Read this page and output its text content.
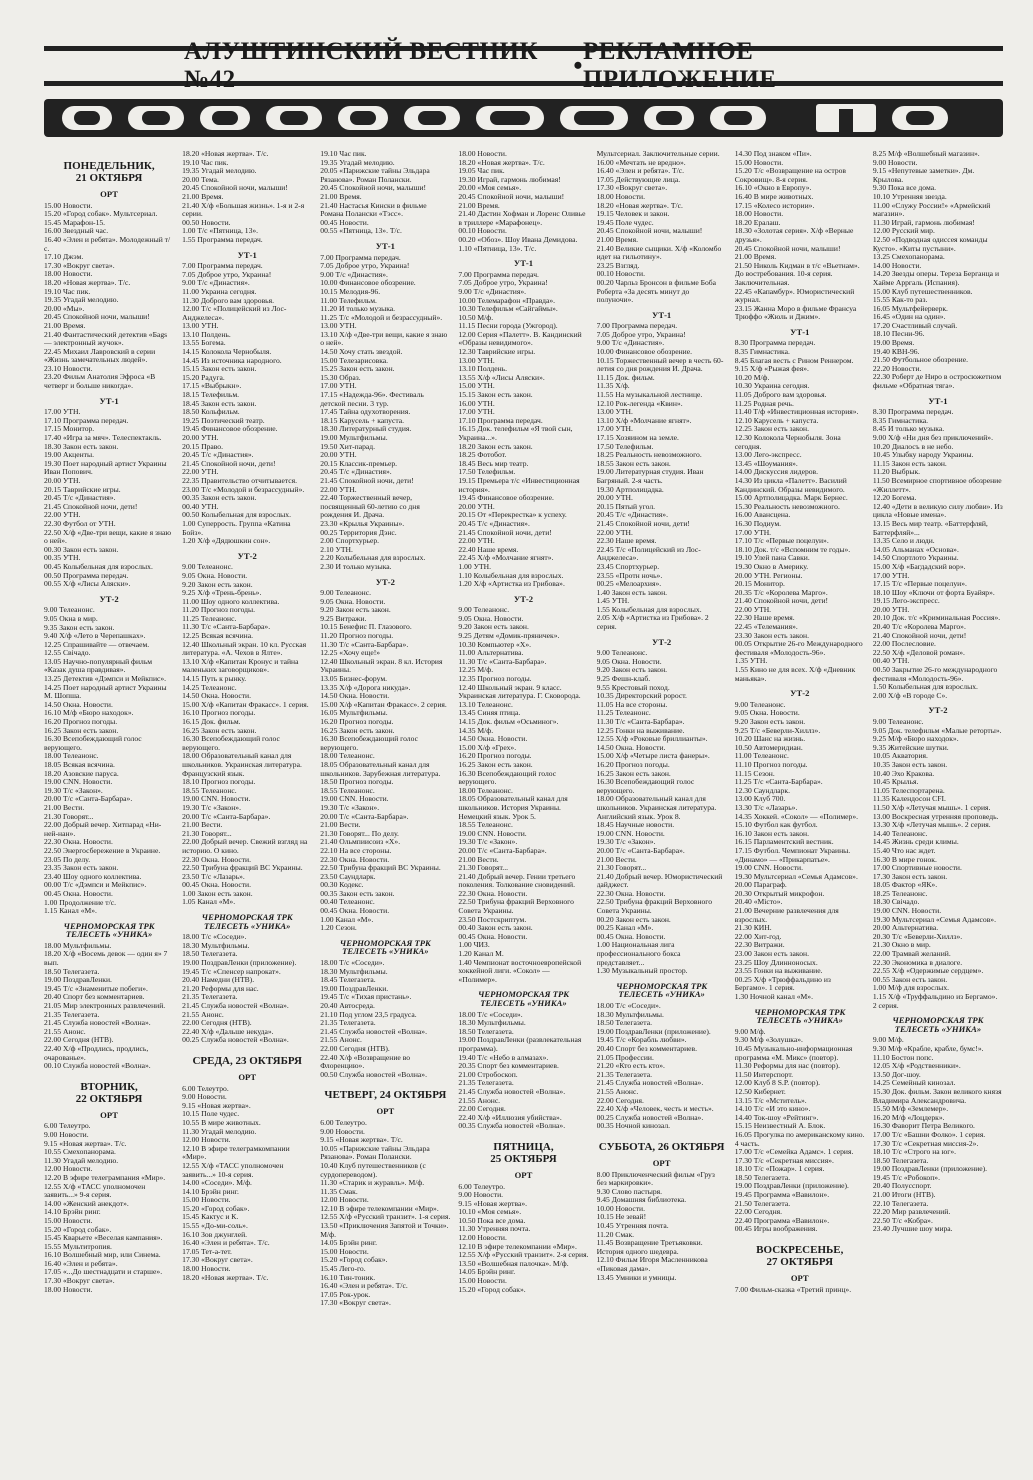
АЛУШТИНСКИЙ ВЕСТНИК №42	• РЕКЛАМНОЕ ПРИЛОЖЕНИЕ
ПОНЕДЕЛЬНИК,
21 ОКТЯБРЯ
ОРТ
15.00 Новости.
15.20 «Город собак». Мультсериал.
15.45 Марафон-15.
16.00 Звездный час.
16.40 «Элен и ребята». Молодежный т/с.
17.10 Джэм.
17.30 «Вокруг света».
18.00 Новости.
18.20 «Новая жертва». Т/с.
19.10 Час пик.
19.35 Угадай мелодию.
20.00 «Мы».
20.45 Спокойной ночи, малыши!
21.00 Время.
21.40 Фантастический детектив «Баgs — электронный жучок».
22.45 Михаил Лавровский в серии «Жизнь замечательных людей».
23.10 Новости.
23.20 Фильм Анатолия Эфроса «В четверг и больше никогда».
УТ-1
17.00 УТН.
17.10 Программа передач.
17.15 Монитор.
17.40 «Игра за мяч». Телеспектакль.
18.30 Закон есть закон.
19.00 Акценты.
19.30 Поет народный артист Украины Иван Попович.
20.00 УТН.
20.15 Таврийские игры.
20.45 Т/с «Династия».
21.45 Спокойной ночи, дети!
22.00 УТН.
22.30 Футбол от УТН.
22.50 Х/ф «Две-три вещи, какие я знаю о ней».
00.30 Закон есть закон.
00.35 УТН.
00.45 Колыбельная для взрослых.
00.50 Программа передач.
00.55 Х/ф «Лисы Аляски».
УТ-2
9.00 Телеанонс.
9.05 Окна в мир.
9.35 Закон есть закон.
9.40 Х/ф «Лето в Черепашках».
12.25 Спрашивайте — отвечаем.
12.55 Свічадо.
13.05 Научно-популярный фильм «Казак душа правдивая».
13.25 Детектив «Дэмпси и Мейкпис».
14.25 Поет народный артист Украины М. Шопша.
14.50 Окна. Новости.
16.10 М/ф «Бюро находок».
16.20 Прогноз погоды.
16.25 Закон есть закон.
16.30 Всепобеждающий голос верующего.
18.00 Телеанонс.
18.05 Всякая всячина.
18.20 Азовские паруса.
19.00 CNN. Новости.
19.30 Т/с «Закон».
20.00 Т/с «Санта-Барбара».
21.00 Вести.
21.30 Говорят...
22.00 Добрый вечер. Хитпарад «Ни-ней-нан».
22.30 Окна. Новости.
22.50 Энергосбережение в Украине.
23.05 По делу.
23.35 Закон есть закон.
23.40 Шоу одного коллектива.
00.00 Т/с «Дэмпси и Мейкпис».
00.45 Окна. Новости.
1.00 Продолжение т/с.
1.15 Канал «М».
ЧЕРНОМОРСКАЯ ТРК ТЕЛЕСЕТЬ «УНИКА»
18.00 Мультфильмы.
18.20 Х/ф «Восемь девок — один я» 7 вып.
18.50 Телегазета.
19.00 ПоздравЛенки.
19.45 Т/с «Знаменитые побеги».
20.40 Спорт без комментариев.
21.05 Мир электронных развлечений.
21.35 Телегазета.
21.45 Служба новостей «Волна».
21.55 Анонс.
22.00 Сегодня (НТВ).
22.40 Х/ф «Продлись, продлись, очарованье».
00.10 Служба новостей «Волна».
ВТОРНИК,
22 ОКТЯБРЯ
ОРТ
6.00 Телеутро.
9.00 Новости.
9.15 «Новая жертва». Т/с.
10.55 Смехопанорама.
11.30 Угадай мелодию.
12.00 Новости.
12.20 В эфире телегрампания «Мир».
12.55 Х/ф «ТАСС уполномочен заявить...» 9-я серия.
14.00 «Женский анекдот».
14.10 Брэйн ринг.
15.00 Новости.
15.20 «Город собак».
15.45 Кварьете «Веселая кампания».
15.55 Мультитропия.
16.10 Волшебный мир, или Синема.
16.40 «Элен и ребята».
17.05 «...До шестнадцати и старше».
17.30 «Вокруг света».
18.00 Новости.
18.20 «Новая жертва». Т/с.
19.10 Час пик.
19.35 Угадай мелодию.
20.00 Тема.
20.45 Спокойной ночи, малыши!
21.00 Время.
21.40 Х/ф «Большая жизнь». 1-я и 2-я серии.
00.50 Новости.
1.00 Т/с «Пятница, 13».
1.55 Программа передач.
УТ-1
7.00 Программа передач.
7.05 Доброе утро, Украина!
9.00 Т/с «Династия».
11.00 Украина сегодня.
11.30 Доброго вам здоровья.
12.00 Т/с «Полицейский из Лос-Анджелеса».
13.00 УТН.
13.10 Полдень.
13.55 Богема.
14.15 Колокола Чернобыля.
14.45 Из источника народного.
15.15 Закон есть закон.
15.20 Радуга.
17.15 «Выбрыкн».
18.15 Телефильм.
18.45 Закон есть закон.
18.50 Кольфильм.
19.25 Поэтический театр.
19.45 Финансовое обозрение.
20.00 УТН.
20.15 Право.
20.45 Т/с «Династия».
21.45 Спокойной ночи, дети!
22.00 УТН.
22.35 Правительство отчитывается.
23.00 Т/с «Молодой и безрассудный».
00.35 Закон есть закон.
00.40 УТН.
00.50 Колыбельная для взрослых.
1.00 Суперрость. Группа «Катина Бойз».
1.20 Х/ф «Дядюшкин сон».
УТ-2
9.00 Телеанонс.
9.05 Окна. Новости.
9.20 Закон есть закон.
9.25 Х/ф «Трень-брень».
11.00 Шоу одного коллектива.
11.20 Прогноз погоды.
11.25 Телеанонс.
11.30 Т/с «Санта-Барбара».
12.25 Всякая всячина.
12.40 Школьный экран. 10 кл. Русская литература. «А. Чехов в Ялте».
13.10 Х/ф «Капитан Кронус и тайна маленьких заговорщиков».
14.15 Путь к рынку.
14.25 Телеанонс.
14.50 Окна. Новости.
15.00 Х/ф «Капитан Фракасс». 1 серия.
16.10 Прогноз погоды.
16.15 Док. фильм.
16.25 Закон есть закон.
16.30 Всепобеждающий голос верующего.
18.00 Образовательный канал для школьников. Украинская литература. Французский язык.
18.10 Прогноз погоды.
18.55 Телеанонс.
19.00 CNN. Новости.
19.30 Т/с «Закон».
20.00 Т/с «Санта-Барбара».
21.00 Вести.
21.30 Говорят...
22.00 Добрый вечер. Свежий взгляд на историю. О кино.
22.30 Окна. Новости.
22.50 Трибуна фракций ВС Украины.
23.50 Т/с «Лазарь».
00.45 Окна. Новости.
1.00 Закон есть закон.
1.05 Канал «М».
ЧЕРНОМОРСКАЯ ТРК ТЕЛЕСЕТЬ «УНИКА»
18.00 Т/с «Соседи».
18.30 Мультфильмы.
18.50 Телегазета.
19.00 ПоздравЛенки (приложение).
19.45 Т/с «Спенсер напрокат».
20.40 Намедни (НТВ).
21.20 Реформы для нас.
21.35 Телегазета.
21.45 Служба новостей «Волна».
21.55 Анонс.
22.00 Сегодня (НТВ).
22.40 Х/ф «Дальше некуда».
00.25 Служба новостей «Волна».
СРЕДА, 23 ОКТЯБРЯ
ОРТ
6.00 Телеутро.
9.00 Новости.
9.15 «Новая жертва».
10.15 Поле чудес.
10.55 В мире животных.
11.30 Угадай мелодию.
12.00 Новости.
12.10 В эфире телеграмкомпании «Мир».
12.55 Х/ф «ТАСС уполномочен заявить...» 10-я серия.
14.00 «Соседи». М/ф.
14.10 Брэйн ринг.
15.00 Новости.
15.20 «Город собак».
15.45 Кактус и К.
15.55 «До-ми-соль».
16.10 Зов джунглей.
16.40 «Элен и ребята». Т/с.
17.05 Тет-а-тет.
17.30 «Вокруг света».
18.00 Новости.
18.20 «Новая жертва». Т/с.
19.10 Час пик.
19.35 Угадай мелодию.
20.05 «Парижские тайны Эльдара Рязанова». Роман Полански.
20.45 Спокойной ночи, малыши!
21.00 Время.
21.40 Настасья Кински в фильме Романа Полански «Тэсс».
00.45 Новости.
00.55 «Пятница, 13». Т/с.
УТ-1
7.00 Программа передач.
7.05 Доброе утро, Украина!
9.00 Т/с «Династия».
10.00 Финансовое обозрение.
10.15 Мелодия-96.
11.00 Телефильм.
11.20 И только музыка.
11.25 Т/с «Молодой и безрассудный».
13.00 УТН.
13.10 Х/ф «Две-три вещи, какие я знаю о ней».
14.50 Хочу стать звездой.
15.00 Телезарисовка.
15.25 Закон есть закон.
15.30 Образ.
17.00 УТН.
17.15 «Надежда-96». Фестиваль детской песни. 3 тур.
17.45 Тайна одухотворения.
18.15 Карусель + капуста.
18.30 Литературный студия.
19.00 Мультфильмы.
19.50 Хит-парад.
20.00 УТН.
20.15 Классик-премьер.
20.45 Т/с «Династия».
21.45 Спокойной ночи, дети!
22.00 УТН.
22.40 Торжественный вечер, посвященный 60-летию со дня рождения И. Драча.
23.30 «Крылья Украины».
00.25 Территория Дэнс.
2.00 Спортхурьер.
2.10 УТН.
2.20 Колыбельная для взрослых.
2.30 И только музыка.
УТ-2
9.00 Телеанонс.
9.05 Окна. Новости.
9.20 Закон есть закон.
9.25 Витражи.
10.15 Бенефис П. Глазового.
11.20 Прогноз погоды.
11.30 Т/с «Санта-Барбара».
12.25 «Хочу еще!»
12.40 Школьный экран. 8 кл. История Украины.
13.05 Бизнес-форум.
13.35 Х/ф «Дорога никуда».
14.50 Окна. Новости.
15.00 Х/ф «Капитан Фракасс». 2 серия.
16.05 Мультфильмы.
16.20 Прогноз погоды.
16.25 Закон есть закон.
16.30 Всепобеждающий голос верующего.
18.00 Телеанонс.
18.05 Образовательный канал для школьников. Зарубежная литература.
18.50 Прогноз погоды.
18.55 Телеанонс.
19.00 CNN. Новости.
19.30 Т/с «Закон».
20.00 Т/с «Санта-Барбара».
21.00 Вести.
21.30 Говорят... По делу.
21.40 Ольмпиисоиз «Х».
22.10 На все стороны.
22.30 Окна. Новости.
22.50 Трибуна фракций ВС Украины.
23.50 Саундларк.
00.30 Кодекс.
00.35 Закон есть закон.
00.40 Телеанонс.
00.45 Окна. Новости.
1.00 Канал «М».
1.20 Сезон.
ЧЕРНОМОРСКАЯ ТРК ТЕЛЕСЕТЬ «УНИКА»
18.00 Т/с «Соседи».
18.30 Мультфильмы.
18.45 Телегазета.
19.00 ПоздравЛенки.
19.45 Т/с «Тихая пристань».
20.40 Автосреда.
21.10 Под углом 23,5 градуса.
21.35 Телегазета.
21.45 Служба новостей «Волна».
21.55 Анонс.
22.00 Сегодня (НТВ).
22.40 Х/ф «Возвращение во Флоренцию».
00.50 Служба новостей «Волна».
ЧЕТВЕРГ, 24 ОКТЯБРЯ
ОРТ
6.00 Телеутро.
9.00 Новости.
9.15 «Новая жертва». Т/с.
10.05 «Парижские тайны Эльдара Рязанова». Роман Полански.
10.40 Клуб путешественников (с сурдопереводом).
11.30 «Старик и журавль». М/ф.
11.35 Смак.
12.00 Новости.
12.10 В эфире телекомпании «Мир».
12.55 Х/ф «Русский транзит». 1-я серия.
13.50 «Приключения Запятой и Точки». М/ф.
14.05 Брэйн ринг.
15.00 Новости.
15.20 «Город собак».
15.45 Лего-го.
16.10 Тин-тоник.
16.40 «Элен и ребята». Т/с.
17.05 Рок-урок.
17.30 «Вокруг света».
18.00 Новости.
18.20 «Новая жертва». Т/с.
19.05 Час пик.
19.30 Играй, гармонь любимая!
20.00 «Моя семья».
20.45 Спокойной ночи, малыши!
21.00 Время.
21.40 Дастин Хофман и Лоренс Оливье в триллере «Марафонец».
00.10 Новости.
00.20 «Обоз». Шоу Ивана Демидова.
1.10 «Пятница, 13». Т/с.
УТ-1
7.00 Программа передач.
7.05 Доброе утро, Украина!
9.00 Т/с «Династия».
10.00 Телемарафон «Правда».
10.30 Телефильм «Сайгаймы».
10.50 М/ф.
11.15 Песни города (Ужгород).
12.00 Серия «Палетт». В. Кандинский «Образы невидимого».
12.30 Таврийские игры.
13.00 УТН.
13.10 Полдень.
13.55 Х/ф «Лисы Аляски».
15.00 УТН.
15.15 Закон есть закон.
16.00 УТН.
17.00 УТН.
17.10 Программа передач.
16.15 Док. телефильм «Я твой сын, Украина...».
18.20 Закон есть закон.
18.25 Фотобот.
18.45 Весь мир театр.
17.50 Телефильм.
19.15 Премьера т/с «Инвестиционная история».
19.45 Финансовое обозрение.
20.00 УТН.
20.15 От «Перекрестка» к успеху.
20.45 Т/с «Династия».
21.45 Спокойной ночи, дети!
22.00 УТН.
22.40 Наше время.
22.45 Х/ф «Молчание ягнят».
1.00 УТН.
1.10 Колыбельная для взрослых.
1.20 Х/ф «Артистка из Грибова».
УТ-2
9.00 Телеанонс.
9.05 Окна. Новости.
9.20 Закон есть закон.
9.25 Детям «Домик-пряничек».
10.30 Компьютер «Х».
11.00 Альтернатива.
11.30 Т/с «Санта-Барбара».
12.25 М/ф.
12.35 Прогноз погоды.
12.40 Школьный экран. 9 класс. Украинская литература. Г. Сковорода.
13.10 Телеанонс.
13.45 Синяя птица.
14.15 Док. фильм «Осьминог».
14.35 М/ф.
14.50 Окна. Новости.
15.00 Х/ф «Грех».
16.20 Прогноз погоды.
16.25 Закон есть закон.
16.30 Всепобеждающий голос верующего.
18.00 Телеанонс.
18.05 Образовательный канал для школьников. История Украины. Немецкий язык. Урок 5.
18.55 Телеанонс.
19.00 CNN. Новости.
19.30 Т/с «Закон».
20.00 Т/с «Санта-Барбара».
21.00 Вести.
21.30 Говорят...
21.40 Добрый вечер. Гении третьего поколения. Толкование сновидений.
22.30 Окна. Новости.
22.50 Трибуна фракций Верховного Совета Украины.
23.50 Постскриптум.
00.40 Закон есть закон.
00.45 Окна. Новости.
1.00 ЧИЗ.
1.20 Канал М.
1.40 Чемпионат восточноевропейской хоккейной лиги. «Сокол» — «Полимер».
ЧЕРНОМОРСКАЯ ТРК ТЕЛЕСЕТЬ «УНИКА»
18.00 Т/с «Соседи».
18.30 Мультфильмы.
18.50 Телегазета.
19.00 ПоздравЛенки (развлекательная программа).
19.40 Т/с «Небо в алмазах».
20.35 Спорт без комментариев.
21.00 Стробоскоп.
21.35 Телегазета.
21.45 Служба новостей «Волна».
21.55 Анонс.
22.00 Сегодня.
22.40 Х/ф «Иллюзия убийства».
00.35 Служба новостей «Волна».
ПЯТНИЦА,
25 ОКТЯБРЯ
ОРТ
6.00 Телеутро.
9.00 Новости.
9.15 «Новая жертва».
10.10 «Моя семья».
10.50 Пока все дома.
11.30 Утренняя почта.
12.00 Новости.
12.10 В эфире телекомпании «Мир».
12.55 Х/ф «Русский транзит». 2-я серия.
13.50 «Волшебная палочка». М/ф.
14.05 Брэйн ринг.
15.00 Новости.
15.20 «Город собак».
Мультсериал. Заключительные серии.
16.00 «Мечтать не вредно».
16.40 «Элен и ребята». Т/с.
17.05 Действующие лица.
17.30 «Вокруг света».
18.00 Новости.
18.20 «Новая жертва». Т/с.
19.15 Человек и закон.
19.45 Поле чудес.
20.45 Спокойной ночи, малыши!
21.00 Время.
21.40 Великие сыщики. Х/ф «Коломбо идет на гильотину».
23.25 Взгляд.
00.10 Новости.
00.20 Чарльз Бронсон в фильме Боба Роберта «За десять минут до полуночи».
УТ-1
7.00 Программа передач.
7.05 Доброе утро, Украина!
9.00 Т/с «Династия».
10.00 Финансовое обозрение.
10.15 Торжественный вечер в честь 60-летия со дня рождения И. Драча.
11.15 Док. фильм.
11.35 Х/ф.
11.55 На музыкальной лестнице.
12.10 Рок-легенда «Квин».
13.00 УТН.
13.10 Х/ф «Молчание ягнят».
17.00 УТН.
17.15 Хозяином на земле.
17.50 Телефильм.
18.25 Реальность невозможного.
18.55 Закон есть закон.
19.00 Литературная студия. Иван Багряный. 2-я часть.
19.30 Артполицадка.
20.00 УТН.
20.15 Пятый угол.
20.45 Т/с «Династия».
21.45 Спокойной ночи, дети!
22.00 УТН.
22.30 Наше время.
22.45 Т/с «Полицейский из Лос-Анджелеса».
23.45 Спортхурьер.
23.55 «Протн ночь».
00.25 «Мелоархия».
1.40 Закон есть закон.
1.45 УТН.
1.55 Колыбельная для взрослых.
2.05 Х/ф «Артистка из Грибова». 2 серия.
УТ-2
9.00 Телеанонс.
9.05 Окна. Новости.
9.20 Закон есть закон.
9.25 Фешн-клаб.
9.55 Крестовый поход.
10.35 Директорский ророст.
11.05 На все стороны.
11.25 Телеанонс.
11.30 Т/с «Санта-Барбара».
12.25 Гонки на выживание.
12.55 Х/ф «Роковые бриллианты».
14.50 Окна. Новости.
15.00 Х/ф «Четыре листа фанеры».
16.20 Прогноз погоды.
16.25 Закон есть закон.
16.30 Всепобеждающий голос верующего.
18.00 Образовательный канал для школьников. Украинская литература. Английский язык. Урок 8.
18.45 Научные новости.
19.00 CNN. Новости.
19.30 Т/с «Закон».
20.00 Т/с «Санта-Барбара».
21.00 Вести.
21.30 Говорят...
21.40 Добрый вечер. Юмористический дайджест.
22.30 Окна. Новости.
22.50 Трибуна фракций Верховного Совета Украины.
00.20 Закон есть закон.
00.25 Канал «М».
00.45 Окна. Новости.
1.00 Национальная лига профессионального бокса представляет...
1.30 Музыкальный простор.
ЧЕРНОМОРСКАЯ ТРК ТЕЛЕСЕТЬ «УНИКА»
18.00 Т/с «Соседи».
18.30 Мультфильмы.
18.50 Телегазета.
19.00 ПоздравЛенки (приложение).
19.45 Т/с «Корабль любви».
20.40 Спорт без комментариев.
21.05 Профессии.
21.20 «Кто есть кто».
21.35 Телегазета.
21.45 Служба новостей «Волна».
21.55 Анонс.
22.00 Сегодня.
22.40 Х/ф «Человек, честь и месть».
00.25 Служба новостей «Волна».
00.35 Ночной кинозал.
СУББОТА, 26 ОКТЯБРЯ
ОРТ
8.00 Приключенческий фильм «Груз без маркировки».
9.30 Слово пастыря.
9.45 Домашняя библиотека.
10.00 Новости.
10.15 Не зевай!
10.45 Утренняя почта.
11.20 Смак.
11.45 Возвращение Третьяковки. История одного шедевра.
12.10 Фильм Игоря Масленникова «Пиковая дама».
13.45 Умники и умницы.
14.30 Под знаком «Пи».
15.00 Новости.
15.20 Т/с «Возвращение на остров Сокровищ». 8-я серия.
16.10 «Окно в Европу».
16.40 В мире животных.
17.15 «Колесо истории».
18.00 Новости.
18.20 Ералаш.
18.30 «Золотая серия». Х/ф «Верные друзья».
20.45 Спокойной ночи, малыши!
21.00 Время.
21.50 Николь Кидман в т/с «Вьетнам». До востребования. 10-я серия. Заключительная.
22.45 «Капамбур». Юмористический журнал.
23.15 Жанна Моро в фильме Франсуа Трюффо «Жюль и Джим».
УТ-1
8.30 Программа передач.
8.35 Гимнастика.
8.45 Благая весть с Рином Реннером.
9.15 Х/ф «Рыжая фея».
10.20 М/ф.
10.30 Украина сегодня.
11.05 Доброго вам здоровья.
11.25 Родная речь.
11.40 Т/ф «Инвестиционная история».
12.10 Карусель + капуста.
12.25 Закон есть закон.
12.30 Колокола Чернобыля. Зона сегодня.
13.00 Лего-экспресс.
13.45 «Шоумания».
14.00 Дискуссия лидеров.
14.30 Из цикла «Палетт». Василий Кандинский. Образы невидимого.
15.00 Артполицадка. Марк Бернес.
15.30 Реальность невозможного.
16.00 Авансцена.
16.30 Подиум.
17.00 УТН.
17.10 Т/с «Первые поцелуи».
18.10 Док. т/с «Вспомним те годы».
19.10 Улей пана Савки.
19.30 Окно в Америку.
20.00 УТН. Регионы.
20.15 Монитор.
20.35 Т/с «Королева Марго».
21.40 Спокойной ночи, дети!
22.00 УТН.
22.30 Наше время.
22.45 «Телемания».
23.30 Закон есть закон.
00.05 Открытие 26-го Международного фестиваля «Молодость-96».
1.35 УТН.
1.55 Кино не для всех. Х/ф «Дневник маньяка».
УТ-2
9.00 Телеанонс.
9.05 Окна. Новости.
9.20 Закон есть закон.
9.25 Т/с «Беверли-Хиллз».
10.20 Шанс на жизнь.
10.50 Автомеридиан.
11.00 Телеанонс.
11.10 Прогноз погоды.
11.15 Сезон.
11.25 Т/с «Санта-Барбара».
12.30 Саундларк.
13.00 Клуб 700.
13.30 Т/с «Лазарь».
14.35 Хоккей. «Сокол» — «Полимер».
15.10 Футбол как футбол.
16.10 Закон есть закон.
16.15 Парламентский вестник.
17.15 Футбол. Чемпионат Украины. «Динамо» — «Прикарпатье».
19.00 CNN. Новости.
19.30 Мультсериал «Семья Адамсов».
20.00 Параграф.
20.30 Открытый микрофон.
20.40 «Місто».
21.00 Вечерние развлечения для взрослых.
21.30 КИН.
22.00 Хит-год.
22.30 Витражи.
23.00 Закон есть закон.
23.25 Шоу Длинноносых.
23.55 Гонки на выживание.
00.25 Х/ф «Трюффальдино из Бергамо». 1 серия.
1.30 Ночной канал «М».
ЧЕРНОМОРСКАЯ ТРК ТЕЛЕСЕТЬ «УНИКА»
9.00 М/ф.
9.30 М/ф «Золушка».
10.45 Музыкально-информационная программа «М. Микс» (повтор).
11.30 Реформы для нас (повтор).
11.50 Интерспорт.
12.00 Клуб 8 S.P. (повтор).
12.50 Кибернет.
13.15 Т/с «Мститель».
14.10 Т/с «И это кино».
14.40 Ток-шоу «Рейтинг».
15.15 Неизвестный А. Блок.
16.05 Прогулка по американскому кино. 4 часть.
17.00 Т/с «Семейка Адамс». 1 серия.
17.30 Т/с «Секретная миссия».
18.10 Т/с «Пожар». 1 серия.
18.50 Телегазета.
19.00 ПоздравЛенки (приложение).
19.45 Программа «Вавилон».
21.50 Телегазета.
22.00 Сегодня.
22.40 Программа «Вавилон».
00.45 Игры воображения.
ВОСКРЕСЕНЬЕ,
27 ОКТЯБРЯ
ОРТ
7.00 Фильм-сказка «Третий принц».
8.25 М/ф «Волшебный магазин».
9.00 Новости.
9.15 «Непутевые заметки». Дм. Крылова.
9.30 Пока все дома.
10.10 Утренняя звезда.
11.00 «Служу России!» «Армейский магазин».
11.30 Играй, гармонь любимая!
12.00 Русский мир.
12.50 «Подводная одиссея команды Кусто». «Киты пустыни».
13.25 Смехопанорама.
14.00 Новости.
14.20 Звезды оперы. Тереза Берганца и Хайме Арргаль (Испания).
15.00 Клуб путешественников.
15.55 Как-то раз.
16.05 Мультфейерверк.
16.45 «Один на один».
17.20 Счастливый случай.
18.10 Песни-96.
19.00 Время.
19.40 КВН-96.
21.50 Футбольное обозрение.
22.20 Новости.
22.30 Роберт де Ниро в остросюжетном фильме «Обратная тяга».
УТ-1
8.30 Программа передач.
8.35 Гимнастика.
8.45 И только музыка.
9.00 Х/ф «Ни дня без приключений».
10.20 Диалосъ в не небо.
10.45 Улыбку народу Украины.
11.15 Закон есть закон.
11.20 Выбрык.
11.50 Всемирное спортивное обозрение «Жиллетт».
12.20 Богема.
12.40 «Дети в великую силу любви». Из цикла «Новые имена».
13.15 Весь мир театр. «Баттерфляй, Баттерфляй»...
13.35 Село и люди.
14.05 Альманах «Основа».
14.50 Спортлото Украины.
15.00 Х/ф «Багдадский вор».
17.00 УТН.
17.15 Т/с «Первые поцелуи».
18.10 Шоу «Ключи от форта Буайяр».
19.15 Лего-экспресс.
20.00 УТН.
20.10 Док. т/с «Криминальная Россия».
20.40 Т/с «Королева Марго».
21.40 Спокойной ночи, дети!
22.00 Послесловие.
22.50 Х/ф «Деловой роман».
00.40 УТН.
00.50 Закрытие 26-го международного фестиваля «Молодость-96».
1.50 Колыбельная для взрослых.
2.00 Х/ф «В городе С».
УТ-2
9.00 Телеанонс.
9.05 Док. телефильм «Малые реторты».
9.25 М/ф «Бюро находок».
9.35 Житейские шутки.
10.05 Акватория.
10.35 Закон есть закон.
10.40 Эхо Кракова.
10.45 Крылья.
11.05 Телеспортарена.
11.35 Календосон CFI.
11.50 Х/ф «Летучая мышь». 1 серия.
13.00 Воскресная утренняя проповедь.
13.30 Х/ф «Летучая мышь». 2 серия.
14.40 Телеанонс.
14.45 Жизнь среди климы.
15.40 Что нас ждет.
16.30 В мире гонок.
17.00 Спортивные новости.
17.30 Закон есть закон.
18.05 Фактор «ЯК».
18.25 Телеанонс.
18.30 Свічадо.
19.00 CNN. Новости.
19.30 Мультсериал «Семья Адамсов».
20.00 Альтернатива.
20.30 Т/с «Беверли-Хиллз».
21.30 Окно в мир.
22.00 Трамвай желаний.
22.30 Экономика в диалоге.
22.55 Х/ф «Одержимые сердцем».
00.55 Закон есть закон.
1.00 М/ф для взрослых.
1.15 Х/ф «Труффальдино из Бергамо». 2 серия.
ЧЕРНОМОРСКАЯ ТРК ТЕЛЕСЕТЬ «УНИКА»
9.00 М/ф.
9.30 М/ф «Крабле, крабле, бумс!».
11.10 Бостон попс.
12.05 Х/ф «Родственники».
13.50 Дог-шоу.
14.25 Семейный кинозал.
15.30 Док. фильм. Закон великого князя Владимира Александровича.
15.50 М/ф «Землемер».
16.20 М/ф «Лоцдерк».
16.30 Фаворит Петра Великого.
17.00 Т/с «Башни Фолко». 1 серия.
17.30 Т/с «Секретная миссия-2».
18.10 Т/с «Строго на юг».
18.50 Телегазета.
19.00 ПоздравЛенки (приложение).
19.45 Т/с «Робокоп».
20.40 Полусспорт.
21.00 Итоги (НТВ).
22.10 Телегазета.
22.20 Мир развлечений.
22.50 Т/с «Кобра».
23.40 Лучшие шоу мира.
